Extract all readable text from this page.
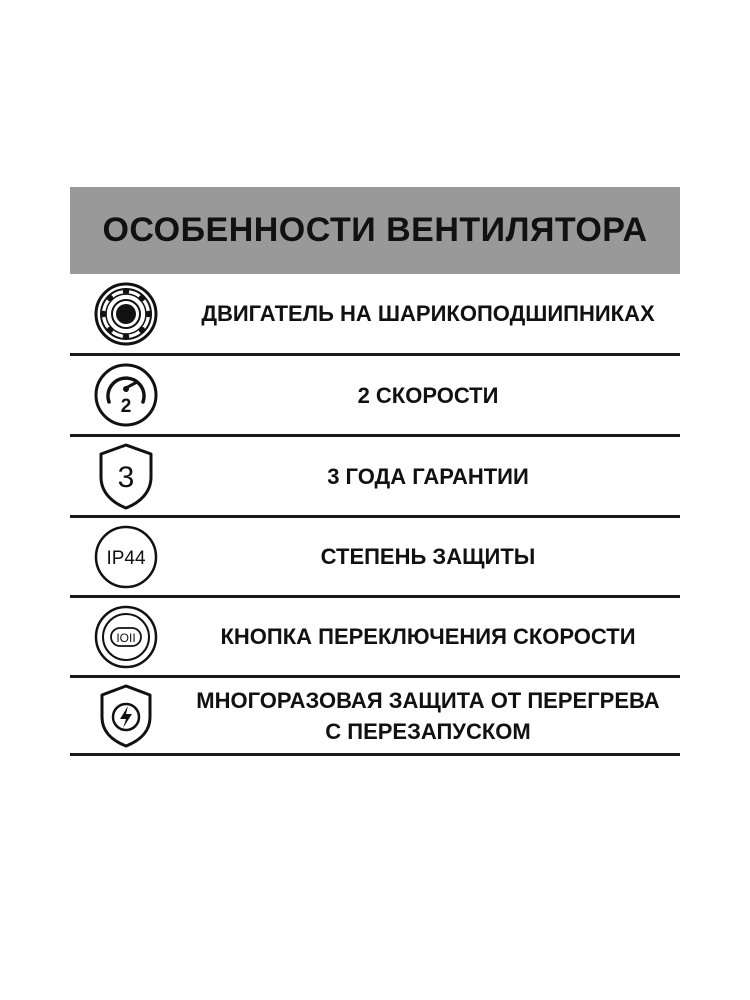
ОСОБЕННОСТИ ВЕНТИЛЯТОРА
ДВИГАТЕЛЬ НА ШАРИКОПОДШИПНИКАХ
2	2 СКОРОСТИ
3	3 ГОДА ГАРАНТИИ
IP44	СТЕПЕНЬ ЗАЩИТЫ
IOII	КНОПКА ПЕРЕКЛЮЧЕНИЯ СКОРОСТИ
МНОГОРАЗОВАЯ ЗАЩИТА ОТ ПЕРЕГРЕВА
С ПЕРЕЗАПУСКОМ
